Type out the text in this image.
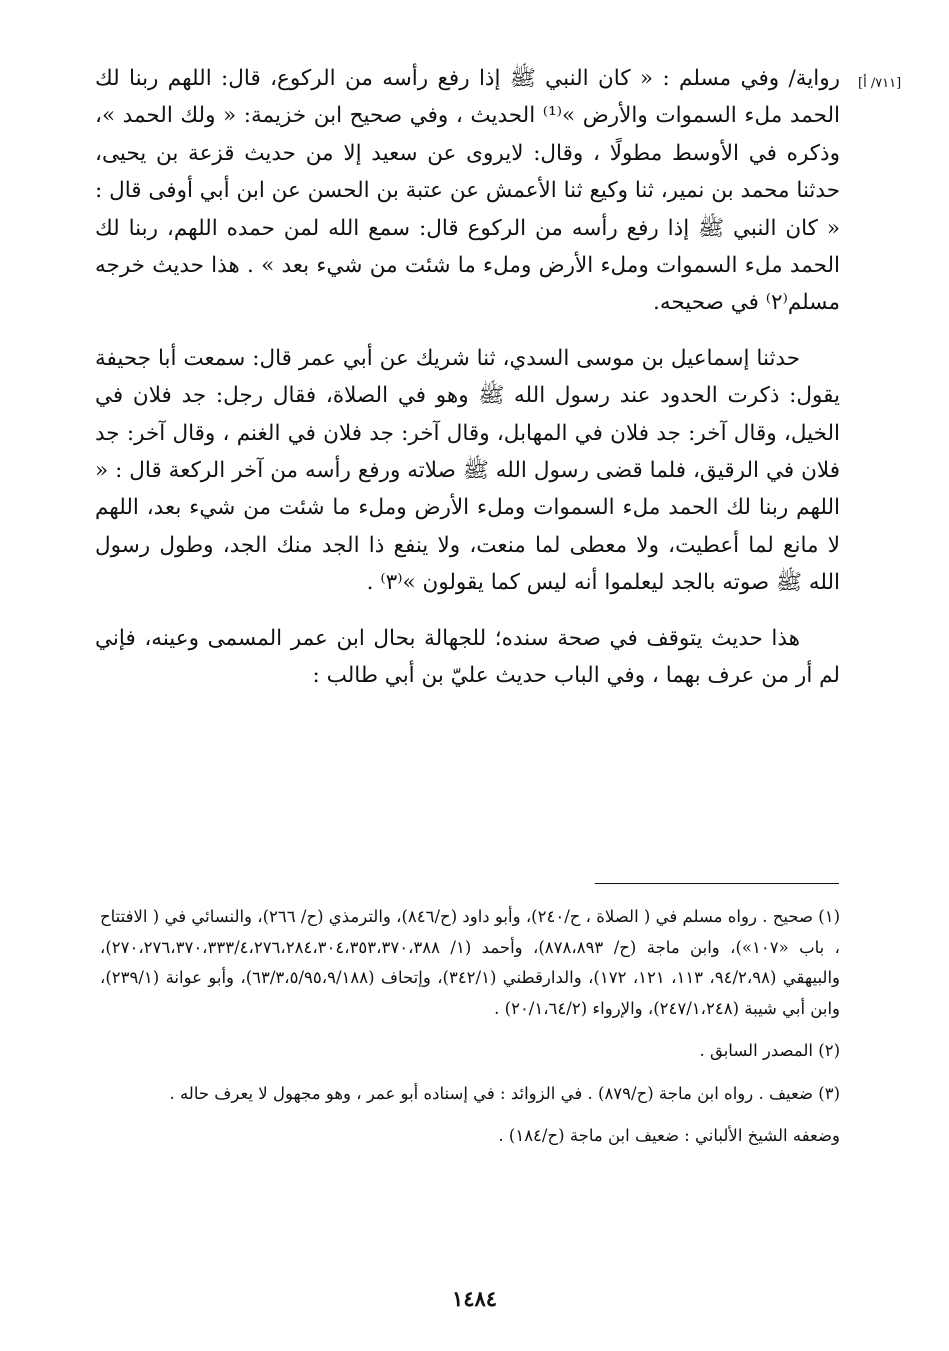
[٧١١/ أ]

رواية/ وفي مسلم : « كان النبي ﷺ إذا رفع رأسه من الركوع، قال: اللهم ربنا لك الحمد ملء السموات والأرض »⁽¹⁾ الحديث ، وفي صحيح ابن خزيمة: « ولك الحمد »، وذكره في الأوسط مطولًا ، وقال: لايروى عن سعيد إلا من حديث قزعة بن يحيى، حدثنا محمد بن نمير، ثنا وكيع ثنا الأعمش عن عتبة بن الحسن عن ابن أبي أوفى قال : « كان النبي ﷺ إذا رفع رأسه من الركوع قال: سمع الله لمن حمده اللهم، ربنا لك الحمد ملء السموات وملء الأرض وملء ما شئت من شيء بعد » . هذا حديث خرجه مسلم⁽٢⁾ في صحيحه.

حدثنا إسماعيل بن موسى السدي، ثنا شريك عن أبي عمر قال: سمعت أبا جحيفة يقول: ذكرت الحدود عند رسول الله ﷺ وهو في الصلاة، فقال رجل: جد فلان في الخيل، وقال آخر: جد فلان في المهابل، وقال آخر: جد فلان في الغنم ، وقال آخر: جد فلان في الرقيق، فلما قضى رسول الله ﷺ صلاته ورفع رأسه من آخر الركعة قال : « اللهم ربنا لك الحمد ملء السموات وملء الأرض وملء ما شئت من شيء بعد، اللهم لا مانع لما أعطيت، ولا معطى لما منعت، ولا ينفع ذا الجد منك الجد، وطول رسول الله ﷺ صوته بالجد ليعلموا أنه ليس كما يقولون »⁽٣⁾ .

هذا حديث يتوقف في صحة سنده؛ للجهالة بحال ابن عمر المسمى وعينه، فإني لم أر من عرف بهما ، وفي الباب حديث عليّ بن أبي طالب :

(١) صحيح . رواه مسلم في ( الصلاة ، ح/٢٤٠)، وأبو داود (ح/٨٤٦)، والترمذي (ح/ ٢٦٦)، والنسائي في ( الافتتاح ، باب «١٠٧»)، وابن ماجة (ح/ ٨٧٨،٨٩٣)، وأحمد (١/ ٢٧٠،٢٧٦،٣٧٠،٣٣٣/٤،٢٧٦،٢٨٤،٣٠٤،٣٥٣،٣٧٠،٣٨٨)، والبيهقي (٩٤/٢،٩٨، ١١٣، ١٢١، ١٧٢)، والدارقطني (٣٤٢/١)، وإتحاف (٦٣/٣،٥/٩٥،٩/١٨٨)، وأبو عوانة (٢٣٩/١)، وابن أبي شيبة (٢٤٧/١،٢٤٨)، والإرواء (٢٠/١،٦٤/٢) .

(٢) المصدر السابق .

(٣) ضعيف . رواه ابن ماجة (ح/٨٧٩) . في الزوائد : في إسناده أبو عمر ، وهو مجهول لا يعرف حاله .

وضعفه الشيخ الألباني : ضعيف ابن ماجة (ح/١٨٤) .

١٤٨٤
